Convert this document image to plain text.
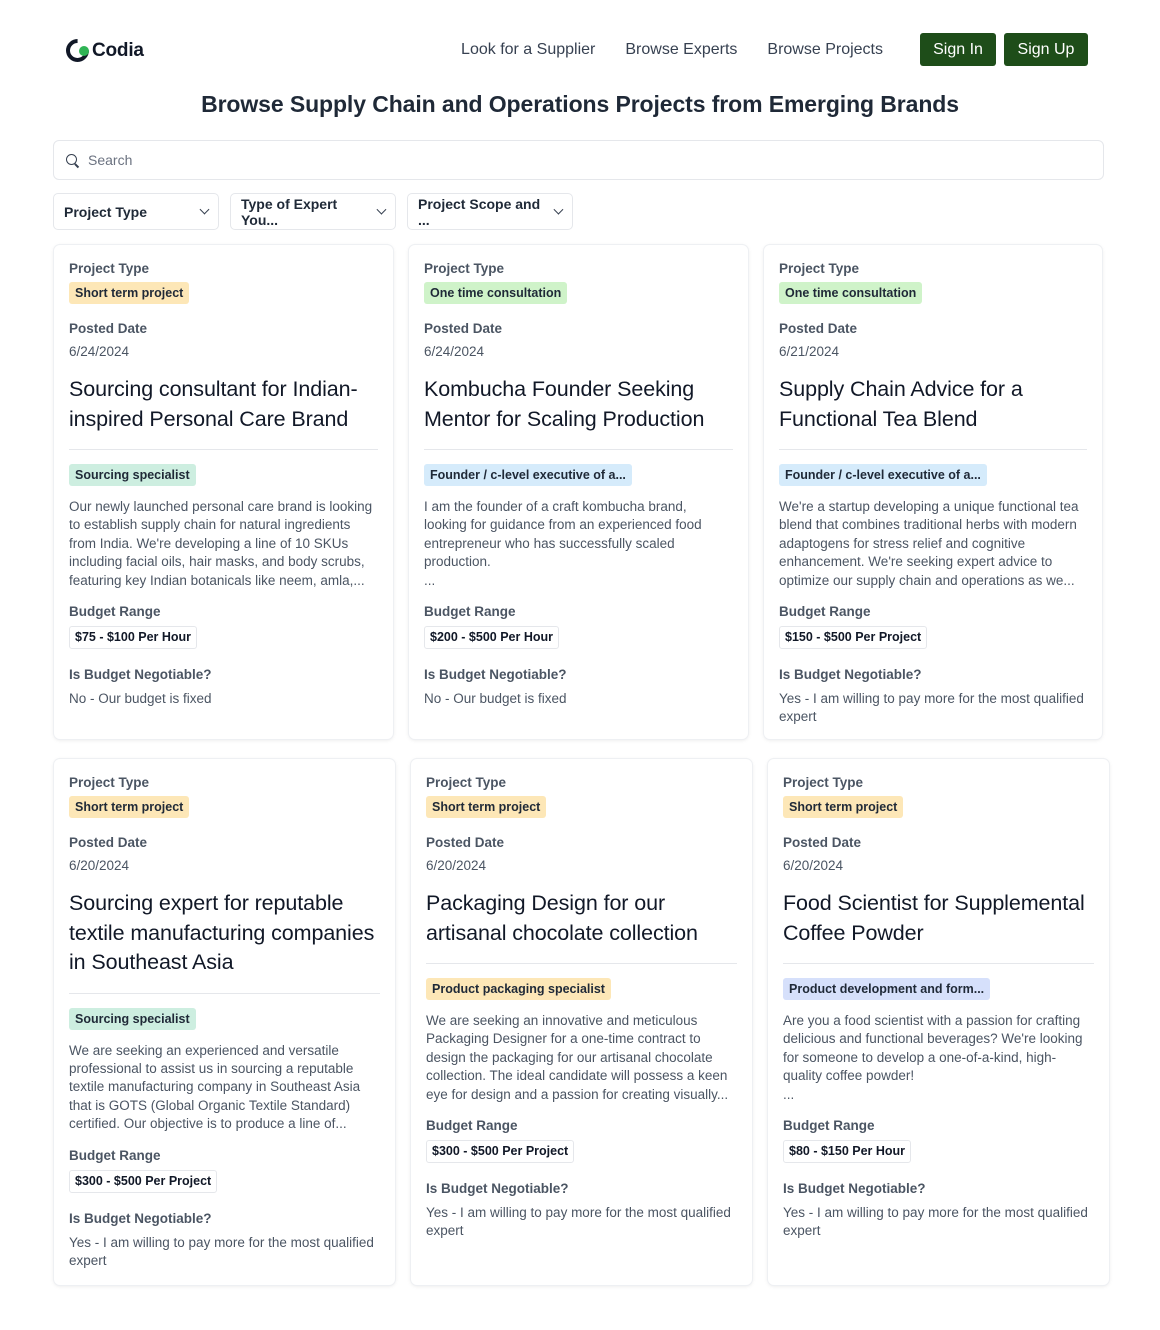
Codia	Look for a Supplier Browse Experts Browse Projects	Sign In	Sign Up
Browse Supply Chain and Operations Projects from Emerging Brands
Search
Project Type	Type of Expert You...
Project Scope and ...
Project Type
Short term project
Posted Date
6/24/2024
Sourcing consultant for Indian-inspired Personal Care Brand
Sourcing specialist
Our newly launched personal care brand is looking to establish supply chain for natural ingredients from India. We're developing a line of 10 SKUs including facial oils, hair masks, and body scrubs, featuring key Indian botanicals like neem, amla,...
Budget Range
$75 - $100 Per Hour
Is Budget Negotiable?
No - Our budget is fixed
Project Type
One time consultation
Posted Date
6/24/2024
Kombucha Founder Seeking Mentor for Scaling Production
Founder / c-level executive of a...
I am the founder of a craft kombucha brand, looking for guidance from an experienced food entrepreneur who has successfully scaled production.
...
Budget Range
$200 - $500 Per Hour
Is Budget Negotiable?
No - Our budget is fixed
Project Type
One time consultation
Posted Date
6/21/2024
Supply Chain Advice for a Functional Tea Blend
Founder / c-level executive of a...
We're a startup developing a unique functional tea blend that combines traditional herbs with modern adaptogens for stress relief and cognitive enhancement. We're seeking expert advice to optimize our supply chain and operations as we...
Budget Range
$150 - $500 Per Project
Is Budget Negotiable?
Yes - I am willing to pay more for the most qualified expert
Project Type
Short term project
Posted Date
6/20/2024
Sourcing expert for reputable textile manufacturing companies in Southeast Asia
Sourcing specialist
We are seeking an experienced and versatile professional to assist us in sourcing a reputable textile manufacturing company in Southeast Asia that is GOTS (Global Organic Textile Standard) certified. Our objective is to produce a line of...
Budget Range
$300 - $500 Per Project
Is Budget Negotiable?
Yes - I am willing to pay more for the most qualified expert
Project Type
Short term project
Posted Date
6/20/2024
Packaging Design for our artisanal chocolate collection
Product packaging specialist
We are seeking an innovative and meticulous Packaging Designer for a one-time contract to design the packaging for our artisanal chocolate collection. The ideal candidate will possess a keen eye for design and a passion for creating visually...
Budget Range
$300 - $500 Per Project
Is Budget Negotiable?
Yes - I am willing to pay more for the most qualified expert
Project Type
Short term project
Posted Date
6/20/2024
Food Scientist for Supplemental Coffee Powder
Product development and form...
Are you a food scientist with a passion for crafting delicious and functional beverages? We're looking for someone to develop a one-of-a-kind, high-quality coffee powder!
...
Budget Range
$80 - $150 Per Hour
Is Budget Negotiable?
Yes - I am willing to pay more for the most qualified expert
